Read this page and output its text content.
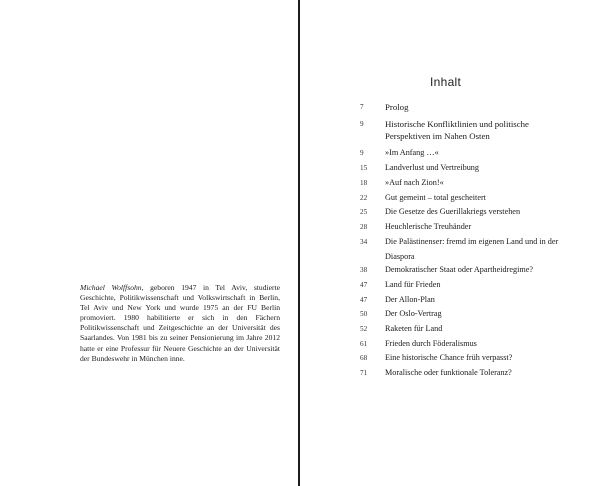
Michael Wolffsohn, geboren 1947 in Tel Aviv, studierte Geschichte, Politikwissenschaft und Volkswirtschaft in Berlin, Tel Aviv und New York und wurde 1975 an der FU Berlin promoviert. 1980 habilitierte er sich in den Fächern Politikwissenschaft und Zeitgeschichte an der Universität des Saarlandes. Von 1981 bis zu seiner Pensionierung im Jahre 2012 hatte er eine Professur für Neuere Geschichte an der Universität der Bundeswehr in München inne.

Inhalt
7	Prolog
9	Historische Konfliktlinien und politische Perspektiven im Nahen Osten
9	»Im Anfang …«
15	Landverlust und Vertreibung
18	»Auf nach Zion!«
22	Gut gemeint – total gescheitert
25	Die Gesetze des Guerillakriegs verstehen
28	Heuchlerische Treuhänder
34	Die Palästinenser: fremd im eigenen Land und in der Diaspora
38	Demokratischer Staat oder Apartheidregime?
47	Land für Frieden
47	Der Allon-Plan
50	Der Oslo-Vertrag
52	Raketen für Land
61	Frieden durch Föderalismus
68	Eine historische Chance früh verpasst?
71	Moralische oder funktionale Toleranz?
